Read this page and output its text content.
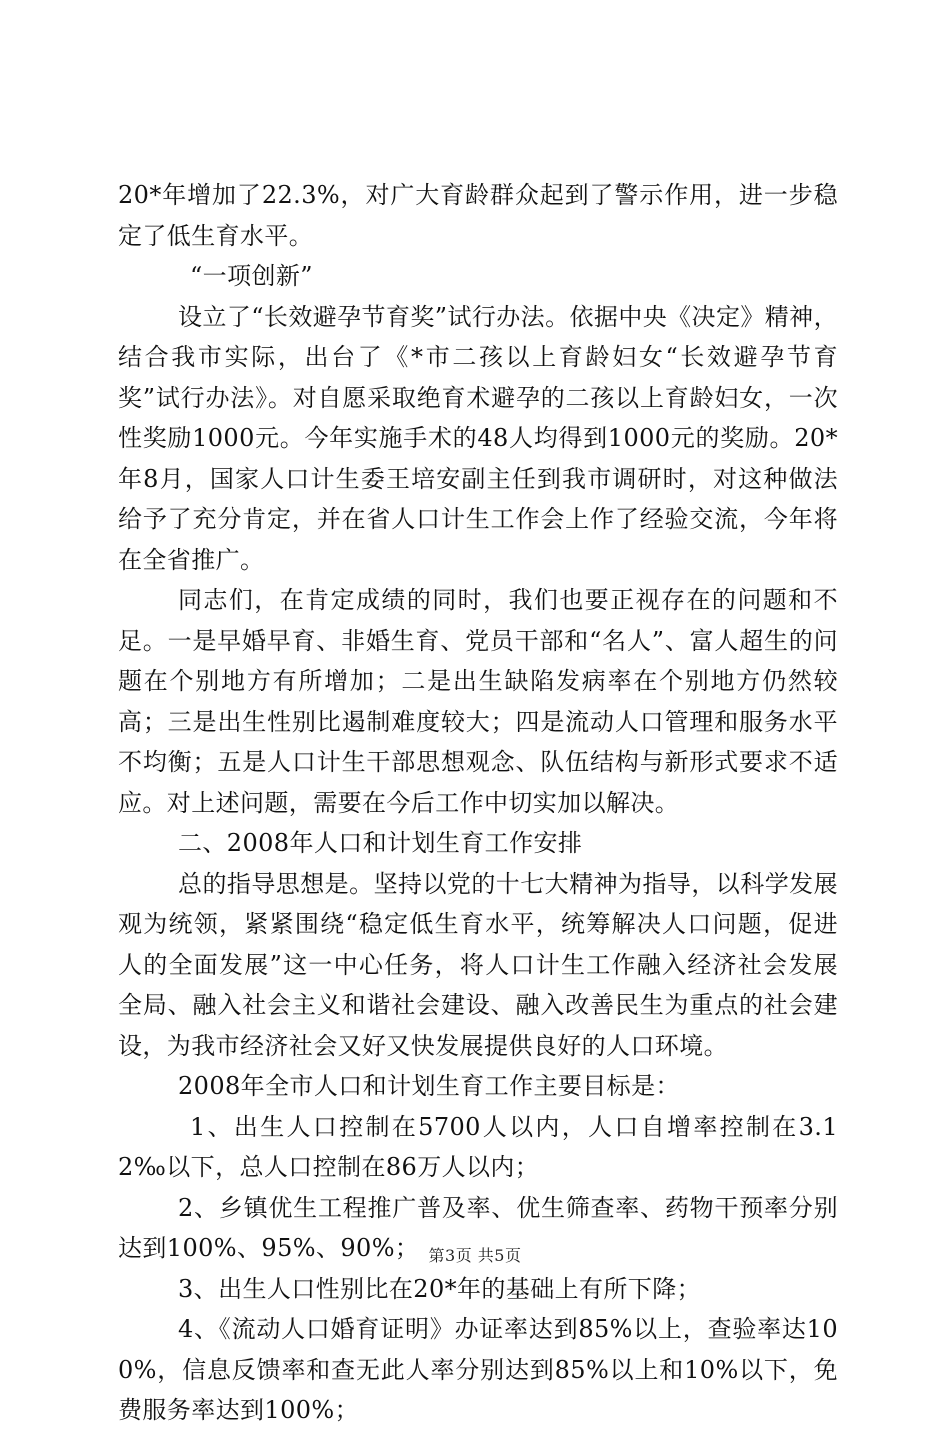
20*年增加了22.3%，对广大育龄群众起到了警示作用，进一步稳定了低生育水平。

“一项创新”

设立了“长效避孕节育奖”试行办法。依据中央《决定》精神，结合我市实际，出台了《*市二孩以上育龄妇女“长效避孕节育奖”试行办法》。对自愿采取绝育术避孕的二孩以上育龄妇女，一次性奖励1000元。今年实施手术的48人均得到1000元的奖励。20*年8月，国家人口计生委王培安副主任到我市调研时，对这种做法给予了充分肯定，并在省人口计生工作会上作了经验交流，今年将在全省推广。

同志们，在肯定成绩的同时，我们也要正视存在的问题和不足。一是早婚早育、非婚生育、党员干部和“名人”、富人超生的问题在个别地方有所增加；二是出生缺陷发病率在个别地方仍然较高；三是出生性别比遏制难度较大；四是流动人口管理和服务水平不均衡；五是人口计生干部思想观念、队伍结构与新形式要求不适应。对上述问题，需要在今后工作中切实加以解决。

二、2008年人口和计划生育工作安排

总的指导思想是。坚持以党的十七大精神为指导，以科学发展观为统领，紧紧围绕“稳定低生育水平，统筹解决人口问题，促进人的全面发展”这一中心任务，将人口计生工作融入经济社会发展全局、融入社会主义和谐社会建设、融入改善民生为重点的社会建设，为我市经济社会又好又快发展提供良好的人口环境。

2008年全市人口和计划生育工作主要目标是：

1、出生人口控制在5700人以内，人口自增率控制在3.12‰以下，总人口控制在86万人以内；

2、乡镇优生工程推广普及率、优生筛查率、药物干预率分别达到100%、95%、90%；

3、出生人口性别比在20*年的基础上有所下降；

4、《流动人口婚育证明》办证率达到85%以上，查验率达100%，信息反馈率和查无此人率分别达到85%以上和10%以下，免费服务率达到100%；

第3页 共5页
